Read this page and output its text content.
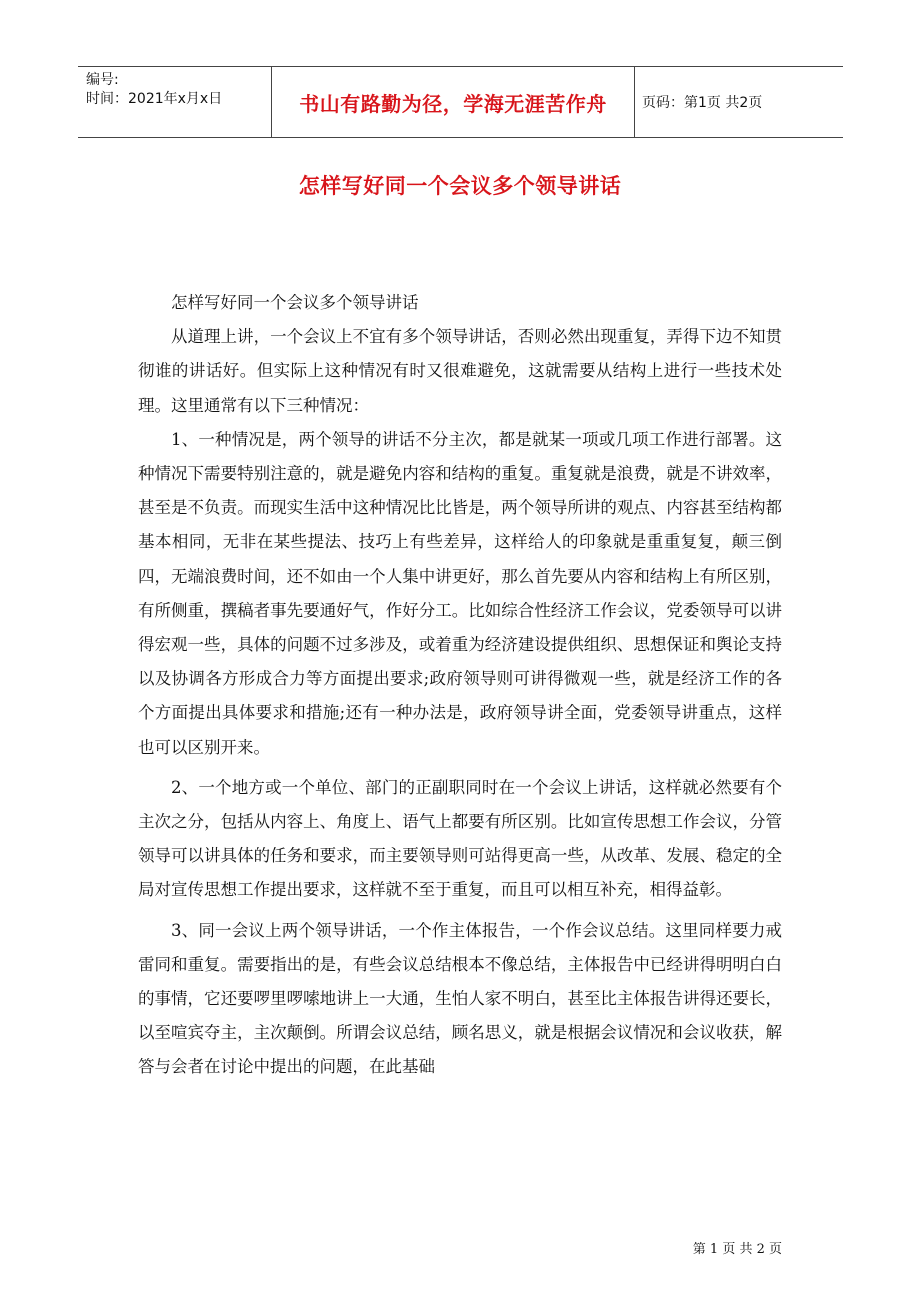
编号:
时间：2021年x月x日	书山有路勤为径，学海无涯苦作舟	页码：第1页 共2页
怎样写好同一个会议多个领导讲话

怎样写好同一个会议多个领导讲话

从道理上讲，一个会议上不宜有多个领导讲话，否则必然出现重复，弄得下边不知贯彻谁的讲话好。但实际上这种情况有时又很难避免，这就需要从结构上进行一些技术处理。这里通常有以下三种情况：

1、一种情况是，两个领导的讲话不分主次，都是就某一项或几项工作进行部署。这种情况下需要特别注意的，就是避免内容和结构的重复。重复就是浪费，就是不讲效率，甚至是不负责。而现实生活中这种情况比比皆是，两个领导所讲的观点、内容甚至结构都基本相同，无非在某些提法、技巧上有些差异，这样给人的印象就是重重复复，颠三倒四，无端浪费时间，还不如由一个人集中讲更好，那么首先要从内容和结构上有所区别，有所侧重，撰稿者事先要通好气，作好分工。比如综合性经济工作会议，党委领导可以讲得宏观一些，具体的问题不过多涉及，或着重为经济建设提供组织、思想保证和舆论支持以及协调各方形成合力等方面提出要求;政府领导则可讲得微观一些，就是经济工作的各个方面提出具体要求和措施;还有一种办法是，政府领导讲全面，党委领导讲重点，这样也可以区别开来。

2、一个地方或一个单位、部门的正副职同时在一个会议上讲话，这样就必然要有个主次之分，包括从内容上、角度上、语气上都要有所区别。比如宣传思想工作会议，分管领导可以讲具体的任务和要求，而主要领导则可站得更高一些，从改革、发展、稳定的全局对宣传思想工作提出要求，这样就不至于重复，而且可以相互补充，相得益彰。

3、同一会议上两个领导讲话，一个作主体报告，一个作会议总结。这里同样要力戒雷同和重复。需要指出的是，有些会议总结根本不像总结，主体报告中已经讲得明明白白的事情，它还要啰里啰嗦地讲上一大通，生怕人家不明白，甚至比主体报告讲得还要长，以至喧宾夺主，主次颠倒。所谓会议总结，顾名思义，就是根据会议情况和会议收获，解答与会者在讨论中提出的问题，在此基础

第 1 页 共 2 页
